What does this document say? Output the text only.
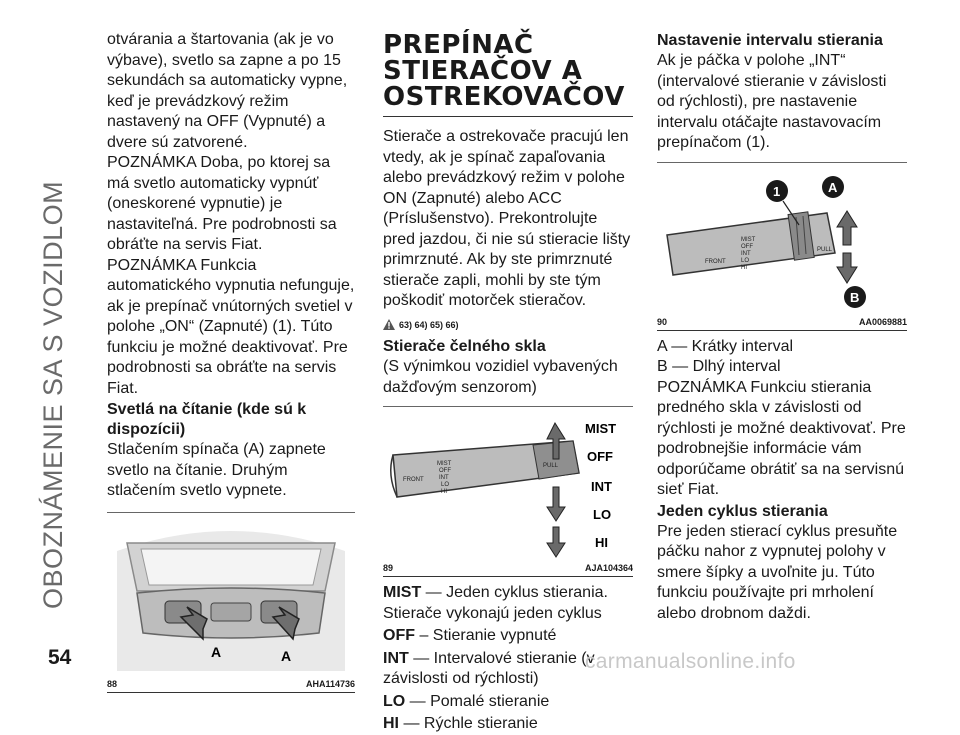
OBOZNÁMENIE SA S VOZIDLOM

otvárania a štartovania (ak je vo výbave), svetlo sa zapne a po 15 sekundách sa automaticky vypne, keď je prevádzkový režim nastavený na OFF (Vypnuté) a dvere sú zatvorené.

POZNÁMKA Doba, po ktorej sa má svetlo automaticky vypnúť (oneskorené vypnutie) je nastaviteľná. Pre podrobnosti sa obráťte na servis Fiat.

POZNÁMKA Funkcia automatického vypnutia nefunguje, ak je prepínač vnútorných svetiel v polohe „ON“ (Zapnuté) (1). Túto funkciu je možné deaktivovať. Pre podrobnosti sa obráťte na servis Fiat.

Svetlá na čítanie (kde sú k dispozícii)

Stlačením spínača (A) zapnete svetlo na čítanie. Druhým stlačením svetlo vypnete.

A	A
88	AHA114736
PREPÍNAČ STIERAČOV A OSTREKOVAČOV

Stierače a ostrekovače pracujú len vtedy, ak je spínač zapaľovania alebo prevádzkový režim v polohe ON (Zapnuté) alebo ACC (Príslušenstvo). Prekontrolujte pred jazdou, či nie sú stieracie lišty primrznuté. Ak by ste primrznuté stierače zapli, mohli by ste tým poškodiť motorček stieračov.

63) 64) 65) 66)

Stierače čelného skla

(S výnimkou vozidiel vybavených dažďovým senzorom)

FRONT
MIST
OFF
INT
LO
HI
PULL
MIST
OFF
INT
LO
HI
89	AJA104364

MIST — Jeden cyklus stierania. Stierače vykonajú jeden cyklus

OFF – Stieranie vypnuté

INT — Intervalové stieranie (v závislosti od rýchlosti)

LO — Pomalé stieranie

HI — Rýchle stieranie

Nastavenie intervalu stierania

Ak je páčka v polohe „INT“ (intervalové stieranie v závislosti od rýchlosti), pre nastavenie intervalu otáčajte nastavovacím prepínačom (1).

FRONT
MIST
OFF
INT
LO
HI
PULL
1	A
B
90	AA0069881

A — Krátky interval

B — Dlhý interval

POZNÁMKA Funkciu stierania predného skla v závislosti od rýchlosti je možné deaktivovať. Pre podrobnejšie informácie vám odporúčame obrátiť sa na servisnú sieť Fiat.

Jeden cyklus stierania

Pre jeden stierací cyklus presuňte páčku nahor z vypnutej polohy v smere šípky a uvoľnite ju. Túto funkciu používajte pri mrholení alebo drobnom daždi.

54	carmanualsonline.info
